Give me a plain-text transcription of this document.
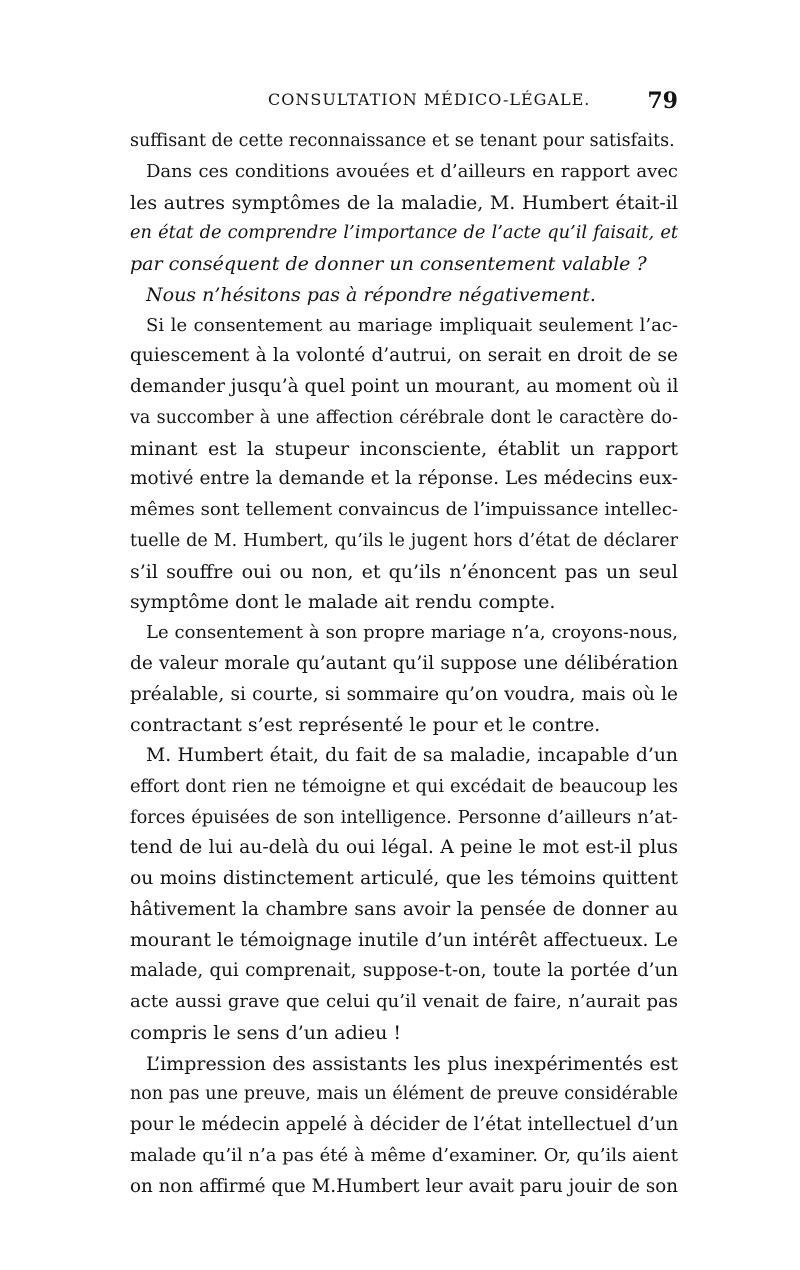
CONSULTATION MÉDICO-LÉGALE.	79
suffisant de cette reconnaissance et se tenant pour satisfaits.
Dans ces conditions avouées et d’ailleurs en rapport avec
les autres symptômes de la maladie, M. Humbert était-il
en état de comprendre l’importance de l’acte qu’il faisait, et
par conséquent de donner un consentement valable ?
Nous n’hésitons pas à répondre négativement.
Si le consentement au mariage impliquait seulement l’ac-
quiescement à la volonté d’autrui, on serait en droit de se
demander jusqu’à quel point un mourant, au moment où il
va succomber à une affection cérébrale dont le caractère do-
minant est la stupeur inconsciente, établit un rapport
motivé entre la demande et la réponse. Les médecins eux-
mêmes sont tellement convaincus de l’impuissance intellec-
tuelle de M. Humbert, qu’ils le jugent hors d’état de déclarer
s’il souffre oui ou non, et qu’ils n’énoncent pas un seul
symptôme dont le malade ait rendu compte.
Le consentement à son propre mariage n’a, croyons-nous,
de valeur morale qu’autant qu’il suppose une délibération
préalable, si courte, si sommaire qu’on voudra, mais où le
contractant s’est représenté le pour et le contre.
M. Humbert était, du fait de sa maladie, incapable d’un
effort dont rien ne témoigne et qui excédait de beaucoup les
forces épuisées de son intelligence. Personne d’ailleurs n’at-
tend de lui au-delà du oui légal. A peine le mot est-il plus
ou moins distinctement articulé, que les témoins quittent
hâtivement la chambre sans avoir la pensée de donner au
mourant le témoignage inutile d’un intérêt affectueux. Le
malade, qui comprenait, suppose-t-on, toute la portée d’un
acte aussi grave que celui qu’il venait de faire, n’aurait pas
compris le sens d’un adieu !
L’impression des assistants les plus inexpérimentés est
non pas une preuve, mais un élément de preuve considérable
pour le médecin appelé à décider de l’état intellectuel d’un
malade qu’il n’a pas été à même d’examiner. Or, qu’ils aient
on non affirmé que M.Humbert leur avait paru jouir de son
